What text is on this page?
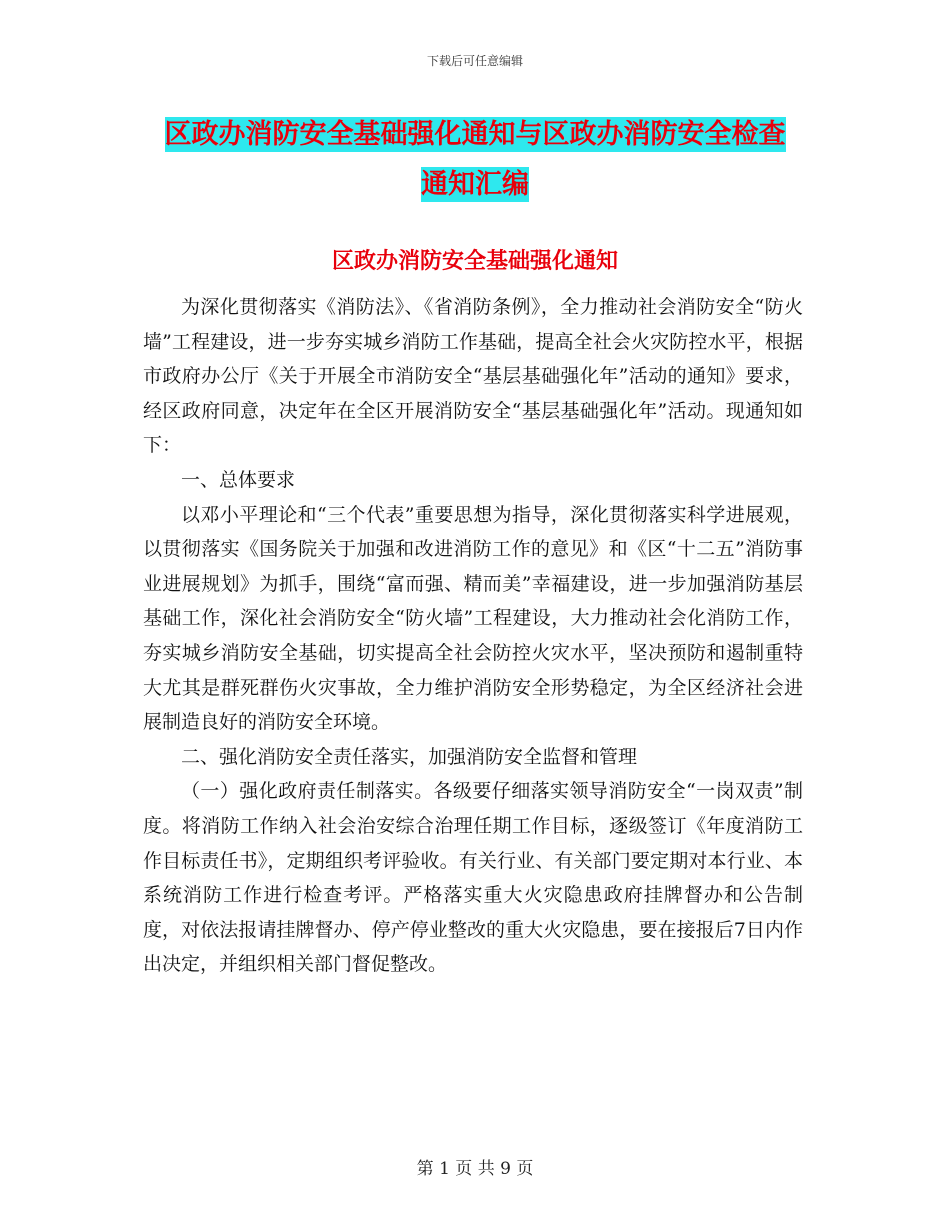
下载后可任意编辑
区政办消防安全基础强化通知与区政办消防安全检查
通知汇编
区政办消防安全基础强化通知

为深化贯彻落实《消防法》、《省消防条例》，全力推动社会消防安全“防火墙”工程建设，进一步夯实城乡消防工作基础，提高全社会火灾防控水平，根据市政府办公厅《关于开展全市消防安全“基层基础强化年”活动的通知》要求，经区政府同意，决定年在全区开展消防安全“基层基础强化年”活动。现通知如下：

一、总体要求

以邓小平理论和“三个代表”重要思想为指导，深化贯彻落实科学进展观，以贯彻落实《国务院关于加强和改进消防工作的意见》和《区“十二五”消防事业进展规划》为抓手，围绕“富而强、精而美”幸福建设，进一步加强消防基层基础工作，深化社会消防安全“防火墙”工程建设，大力推动社会化消防工作，夯实城乡消防安全基础，切实提高全社会防控火灾水平，坚决预防和遏制重特大尤其是群死群伤火灾事故，全力维护消防安全形势稳定，为全区经济社会进展制造良好的消防安全环境。

二、强化消防安全责任落实，加强消防安全监督和管理

（一）强化政府责任制落实。各级要仔细落实领导消防安全“一岗双责”制度。将消防工作纳入社会治安综合治理任期工作目标，逐级签订《年度消防工作目标责任书》，定期组织考评验收。有关行业、有关部门要定期对本行业、本系统消防工作进行检查考评。严格落实重大火灾隐患政府挂牌督办和公告制度，对依法报请挂牌督办、停产停业整改的重大火灾隐患，要在接报后7日内作出决定，并组织相关部门督促整改。

第 1 页 共 9 页
